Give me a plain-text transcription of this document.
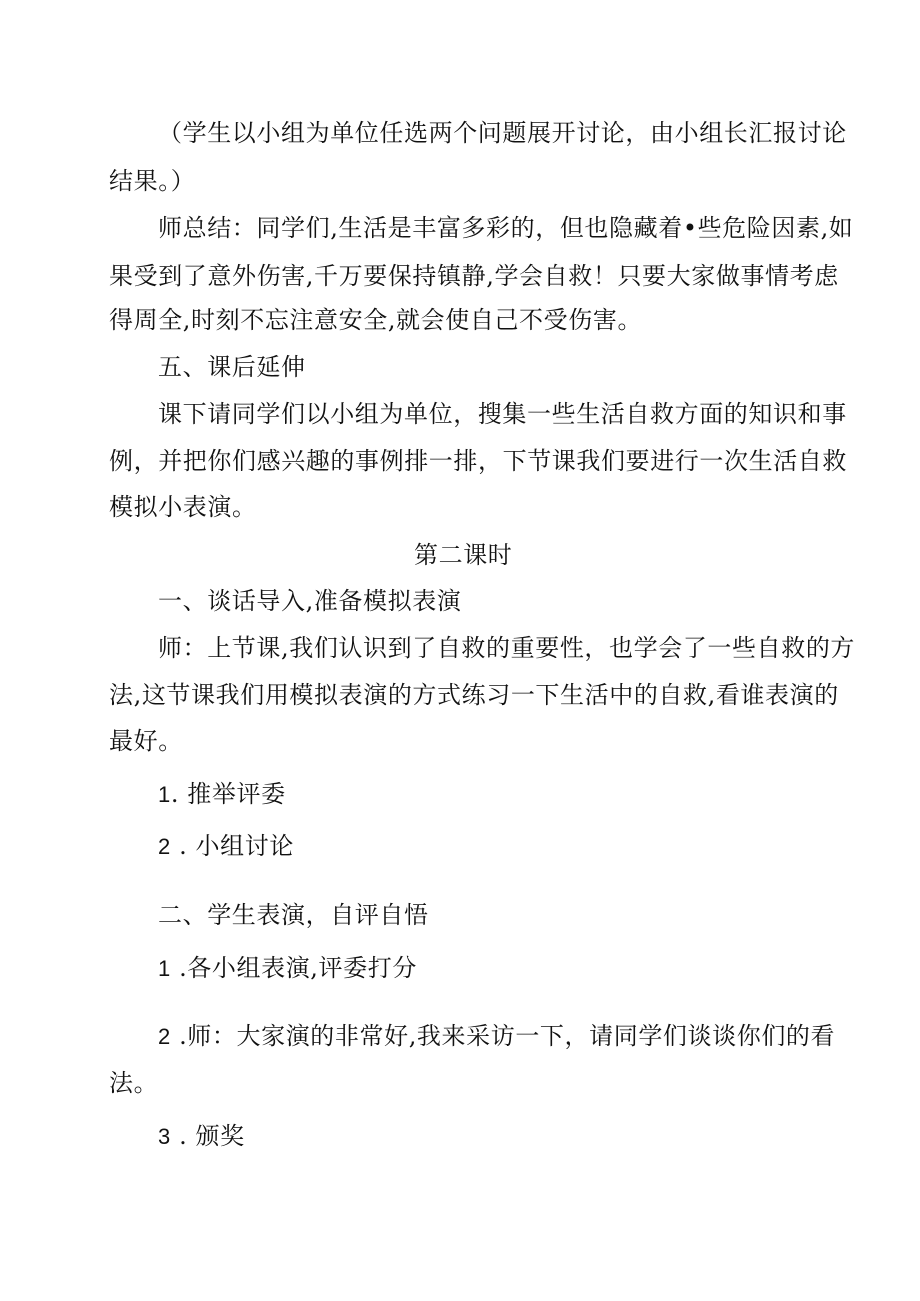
（学生以小组为单位任选两个问题展开讨论，由小组长汇报讨论
结果。）
师总结：同学们,生活是丰富多彩的，但也隐藏着•些危险因素,如
果受到了意外伤害,千万要保持镇静,学会自救！只要大家做事情考虑
得周全,时刻不忘注意安全,就会使自己不受伤害。
五、课后延伸
课下请同学们以小组为单位，搜集一些生活自救方面的知识和事
例，并把你们感兴趣的事例排一排，下节课我们要进行一次生活自救
模拟小表演。
第二课时
一、谈话导入,准备模拟表演
师：上节课,我们认识到了自救的重要性，也学会了一些自救的方
法,这节课我们用模拟表演的方式练习一下生活中的自救,看谁表演的
最好。
1. 推举评委
2 . 小组讨论
二、学生表演，自评自悟
1 .各小组表演,评委打分
2 .师：大家演的非常好,我来采访一下，请同学们谈谈你们的看
法。
3 . 颁奖
